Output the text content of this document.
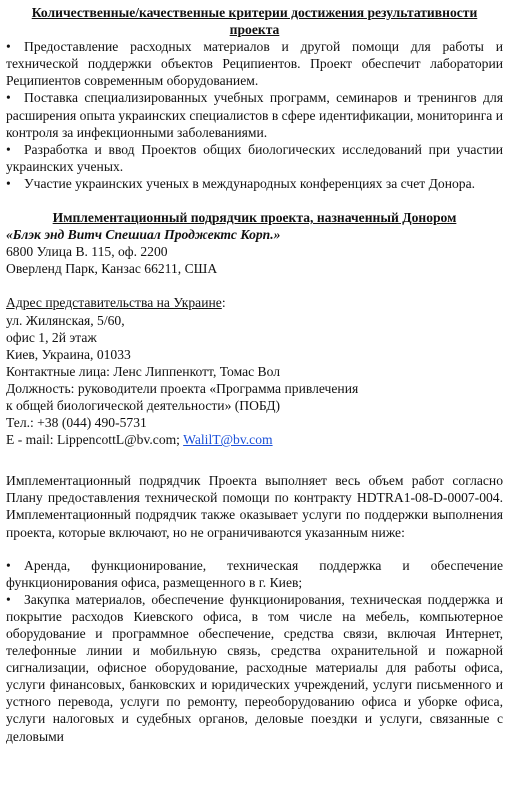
Количественные/качественные критерии достижения результативности проекта

• Предоставление расходных материалов и другой помощи для работы и технической поддержки объектов Реципиентов. Проект обеспечит лаборатории Реципиентов современным оборудованием.

• Поставка специализированных учебных программ, семинаров и тренингов для расширения опыта украинских специалистов в сфере идентификации, мониторинга и контроля за инфекционными заболеваниями.

• Разработка и ввод Проектов общих биологических исследований при участии украинских ученых.

• Участие украинских ученых в международных конференциях за счет Донора.

Имплементационный подрядчик проекта, назначенный Донором

«Блэк энд Витч Спешиал Проджектс Корп.»

6800 Улица В. 115, оф. 2200

Оверленд Парк, Канзас 66211, США

Адрес представительства на Украине:

ул. Жилянская, 5/60,

офис 1, 2й этаж

Киев, Украина, 01033

Контактные лица: Ленс Липпенкотт, Томас Вол

Должность: руководители проекта «Программа привлечения

к общей биологической деятельности» (ПОБД)

Тел.: +38 (044) 490-5731

E - mail: LippencottL@bv.com; WalilT@bv.com

Имплементационный подрядчик Проекта выполняет весь объем работ согласно Плану предоставления технической помощи по контракту HDTRA1-08-D-0007-004. Имплементационный подрядчик также оказывает услуги по поддержки выполнения проекта, которые включают, но не ограничиваются указанным ниже:

• Аренда, функционирование, техническая поддержка и обеспечение функционирования офиса, размещенного в г. Киев;

• Закупка материалов, обеспечение функционирования, техническая поддержка и покрытие расходов Киевского офиса, в том числе на мебель, компьютерное оборудование и программное обеспечение, средства связи, включая Интернет, телефонные линии и мобильную связь, средства охранительной и пожарной сигнализации, офисное оборудование, расходные материалы для работы офиса, услуги финансовых, банковских и юридических учреждений, услуги письменного и устного перевода, услуги по ремонту, переоборудованию офиса и уборке офиса, услуги налоговых и судебных органов, деловые поездки и услуги, связанные с деловыми
